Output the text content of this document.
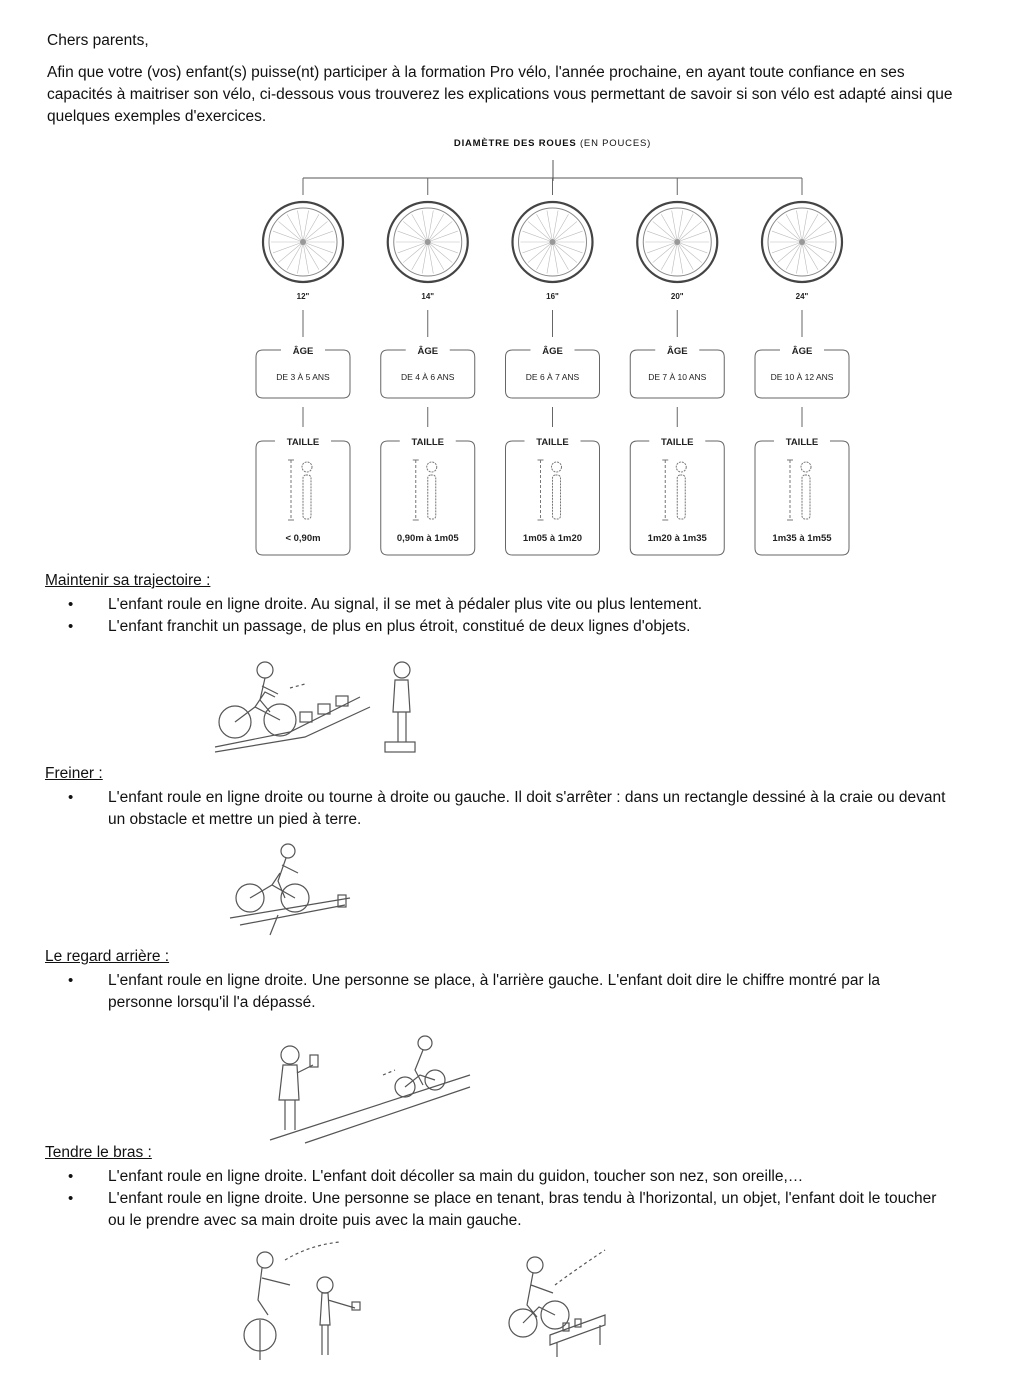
Chers parents,

Afin que votre (vos) enfant(s) puisse(nt) participer à la formation Pro vélo, l'année prochaine, en ayant toute confiance en ses capacités à maitriser son vélo, ci-dessous vous trouverez les explications vous permettant de savoir si son vélo est adapté ainsi que quelques exemples d'exercices.

DIAMÈTRE DES ROUES (EN POUCES)
ÂGE
DE 3 À 5 ANS
TAILLE
< 0,90m
12"
ÂGE
DE 4 À 6 ANS
TAILLE
0,90m à 1m05
14"
ÂGE
DE 6 À 7 ANS
TAILLE
1m05 à 1m20
16"
ÂGE
DE 7 À 10 ANS
TAILLE
1m20 à 1m35
20"
ÂGE
DE 10 À 12 ANS
TAILLE
1m35 à 1m55
24"
Maintenir sa trajectoire :
• L'enfant roule en ligne droite. Au signal, il se met à pédaler plus vite ou plus lentement.
• L'enfant franchit un passage, de plus en plus étroit, constitué de deux lignes d'objets.
Freiner :
• L'enfant roule en ligne droite ou tourne à droite ou gauche. Il doit s'arrêter : dans un rectangle dessiné à la craie ou devant un obstacle et mettre un pied à terre.
Le regard arrière :
• L'enfant roule en ligne droite. Une personne se place, à l'arrière gauche. L'enfant doit dire le chiffre montré par la personne lorsqu'il l'a dépassé.
Tendre le bras :
• L'enfant roule en ligne droite. L'enfant doit décoller sa main du guidon, toucher son nez, son oreille,…
• L'enfant roule en ligne droite. Une personne se place en tenant, bras tendu à l'horizontal, un objet, l'enfant doit le toucher ou le prendre avec sa main droite puis avec la main gauche.
